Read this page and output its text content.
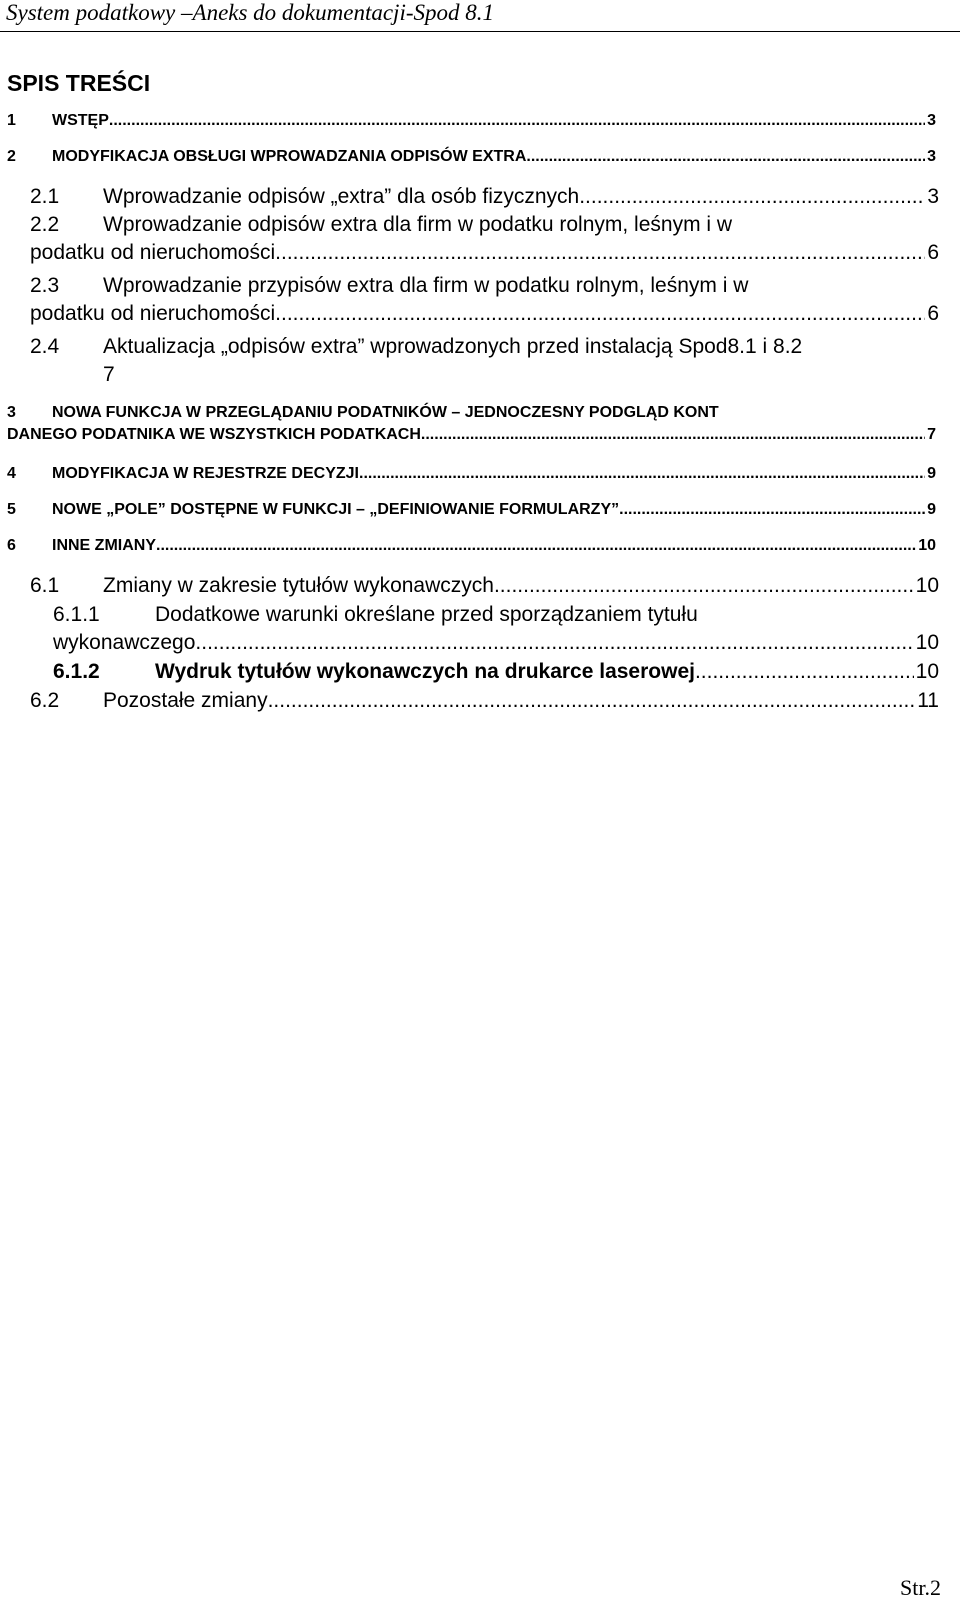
System podatkowy –Aneks do dokumentacji-Spod 8.1
SPIS TREŚCI
1 WSTĘP .....	3
2 MODYFIKACJA OBSŁUGI WPROWADZANIA ODPISÓW EXTRA. .....	3
2.1 Wprowadzanie odpisów „extra” dla osób fizycznych. .....	3
2.2 Wprowadzanie odpisów extra dla firm w podatku rolnym, leśnym i w
podatku od nieruchomości .....	6
2.3 Wprowadzanie przypisów extra dla firm w podatku rolnym, leśnym i w
podatku od nieruchomości .....	6
2.4 Aktualizacja „odpisów extra” wprowadzonych przed instalacją Spod8.1 i 8.2
7
3 NOWA FUNKCJA W PRZEGLĄDANIU PODATNIKÓW – JEDNOCZESNY PODGLĄD KONT
DANEGO PODATNIKA WE WSZYSTKICH PODATKACH. .....	7
4 MODYFIKACJA W REJESTRZE DECYZJI. .....	9
5 NOWE „POLE” DOSTĘPNE W FUNKCJI – „DEFINIOWANIE FORMULARZY” .....	9
6 INNE ZMIANY .....	10
6.1 Zmiany w zakresie tytułów wykonawczych .....	10
6.1.1	Dodatkowe warunki określane przed sporządzaniem tytułu
wykonawczego. .....	10
6.1.2	Wydruk tytułów wykonawczych na drukarce laserowej .....	10
6.2 Pozostałe zmiany .....	11
Str.2
